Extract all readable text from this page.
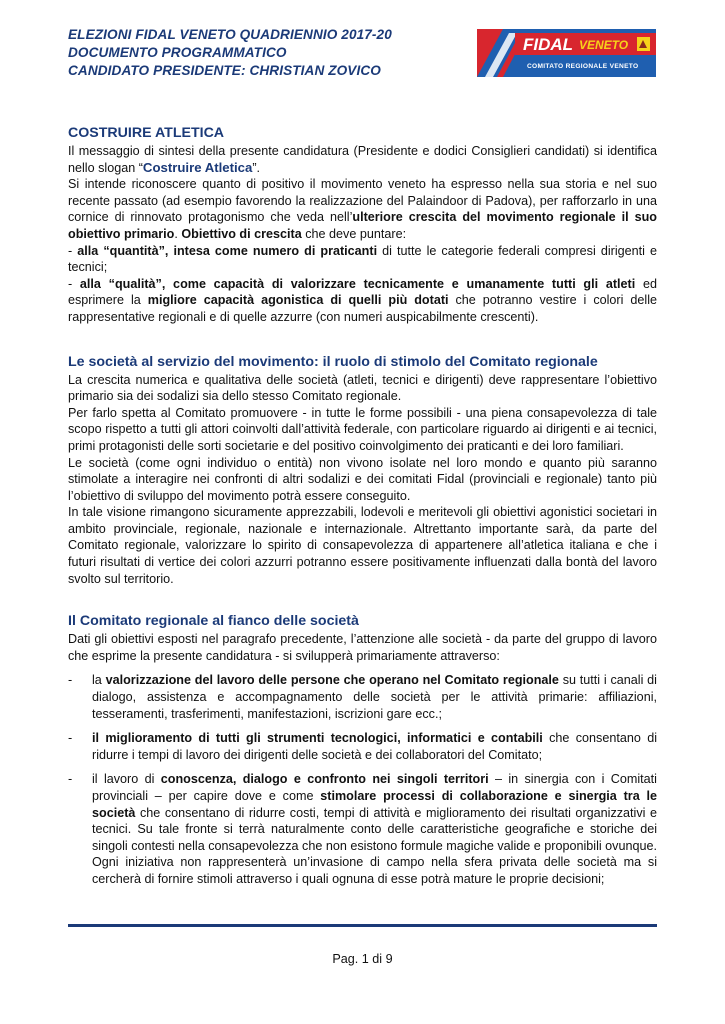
ELEZIONI FIDAL VENETO QUADRIENNIO 2017-20
DOCUMENTO PROGRAMMATICO
CANDIDATO PRESIDENTE: CHRISTIAN ZOVICO
FIDAL VENETO
COMITATO REGIONALE VENETO
COSTRUIRE ATLETICA

Il messaggio di sintesi della presente candidatura (Presidente e dodici Consiglieri candidati) si identifica nello slogan “Costruire Atletica”.

Si intende riconoscere quanto di positivo il movimento veneto ha espresso nella sua storia e nel suo recente passato (ad esempio favorendo la realizzazione del Palaindoor di Padova), per rafforzarlo in una cornice di rinnovato protagonismo che veda nell’ulteriore crescita del movimento regionale il suo obiettivo primario. Obiettivo di crescita che deve puntare:

- alla “quantità”, intesa come numero di praticanti di tutte le categorie federali compresi dirigenti e tecnici;

- alla “qualità”, come capacità di valorizzare tecnicamente e umanamente tutti gli atleti ed esprimere la migliore capacità agonistica di quelli più dotati che potranno vestire i colori delle rappresentative regionali e di quelle azzurre (con numeri auspicabilmente crescenti).

Le società al servizio del movimento: il ruolo di stimolo del Comitato regionale

La crescita numerica e qualitativa delle società (atleti, tecnici e dirigenti) deve rappresentare l’obiettivo primario sia dei sodalizi sia dello stesso Comitato regionale.

Per farlo spetta al Comitato promuovere - in tutte le forme possibili - una piena consapevolezza di tale scopo rispetto a tutti gli attori coinvolti dall’attività federale, con particolare riguardo ai dirigenti e ai tecnici, primi protagonisti delle sorti societarie e del positivo coinvolgimento dei praticanti e dei loro familiari.

Le società (come ogni individuo o entità) non vivono isolate nel loro mondo e quanto più saranno stimolate a interagire nei confronti di altri sodalizi e dei comitati Fidal (provinciali e regionale) tanto più l’obiettivo di sviluppo del movimento potrà essere conseguito.

In tale visione rimangono sicuramente apprezzabili, lodevoli e meritevoli gli obiettivi agonistici societari in ambito provinciale, regionale, nazionale e internazionale. Altrettanto importante sarà, da parte del Comitato regionale, valorizzare lo spirito di consapevolezza di appartenere all’atletica italiana e che i futuri risultati di vertice dei colori azzurri potranno essere positivamente influenzati dalla bontà del lavoro svolto sul territorio.

Il Comitato regionale al fianco delle società

Dati gli obiettivi esposti nel paragrafo precedente, l’attenzione alle società - da parte del gruppo di lavoro che esprime la presente candidatura - si svilupperà primariamente attraverso:

-	la valorizzazione del lavoro delle persone che operano nel Comitato regionale su tutti i canali di dialogo, assistenza e accompagnamento delle società per le attività primarie: affiliazioni, tesseramenti, trasferimenti, manifestazioni, iscrizioni gare ecc.;
-	il miglioramento di tutti gli strumenti tecnologici, informatici e contabili che consentano di ridurre i tempi di lavoro dei dirigenti delle società e dei collaboratori del Comitato;
-	il lavoro di conoscenza, dialogo e confronto nei singoli territori – in sinergia con i Comitati provinciali – per capire dove e come stimolare processi di collaborazione e sinergia tra le società che consentano di ridurre costi, tempi di attività e miglioramento dei risultati organizzativi e tecnici. Su tale fronte si terrà naturalmente conto delle caratteristiche geografiche e storiche dei singoli contesti nella consapevolezza che non esistono formule magiche valide e proponibili ovunque. Ogni iniziativa non rappresenterà un’invasione di campo nella sfera privata delle società ma si cercherà di fornire stimoli attraverso i quali ognuna di esse potrà mature le proprie decisioni;
Pag. 1 di 9
